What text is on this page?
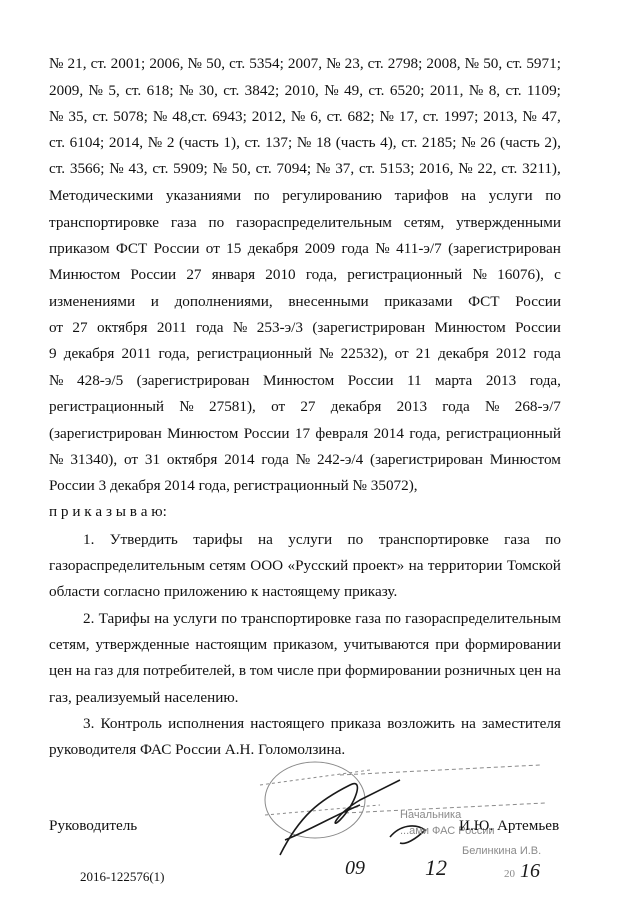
№ 21, ст. 2001; 2006, № 50, ст. 5354; 2007, № 23, ст. 2798; 2008, № 50, ст. 5971;
2009, № 5, ст. 618; № 30, ст. 3842; 2010, № 49, ст. 6520; 2011, № 8, ст. 1109;
№ 35, ст. 5078; № 48,ст. 6943; 2012, № 6, ст. 682; № 17, ст. 1997; 2013, № 47,
ст. 6104; 2014, № 2 (часть 1), ст. 137; № 18 (часть 4), ст. 2185; № 26 (часть 2),
ст. 3566; № 43, ст. 5909; № 50, ст. 7094; № 37, ст. 5153; 2016, № 22, ст. 3211),
Методическими указаниями по регулированию тарифов на услуги по
транспортировке газа по газораспределительным сетям, утвержденными
приказом ФСТ России от 15 декабря 2009 года № 411-э/7 (зарегистрирован
Минюстом России 27 января 2010 года, регистрационный № 16076), с
изменениями и дополнениями, внесенными приказами ФСТ России
от 27 октября 2011 года № 253-э/3 (зарегистрирован Минюстом России
9 декабря 2011 года, регистрационный № 22532), от 21 декабря 2012 года
№ 428-э/5 (зарегистрирован Минюстом России 11 марта 2013 года,
регистрационный № 27581), от 27 декабря 2013 года № 268-э/7
(зарегистрирован Минюстом России 17 февраля 2014 года, регистрационный
№ 31340), от 31 октября 2014 года № 242-э/4 (зарегистрирован Минюстом
России 3 декабря 2014 года, регистрационный № 35072),
п р и к а з ы в а ю:
1. Утвердить тарифы на услуги по транспортировке газа по
газораспределительным сетям ООО «Русский проект» на территории Томской
области согласно приложению к настоящему приказу.
2. Тарифы на услуги по транспортировке газа по газораспределительным
сетям, утвержденные настоящим приказом, учитываются при формировании
цен на газ для потребителей, в том числе при формировании розничных цен на
газ, реализуемый населению.
3. Контроль исполнения настоящего приказа возложить на заместителя
руководителя ФАС России А.Н. Голомолзина.
Руководитель
Начальника
...ами ФАС России
Белинкина И.В.
09	12	20 16
И.Ю. Артемьев
2016-122576(1)
